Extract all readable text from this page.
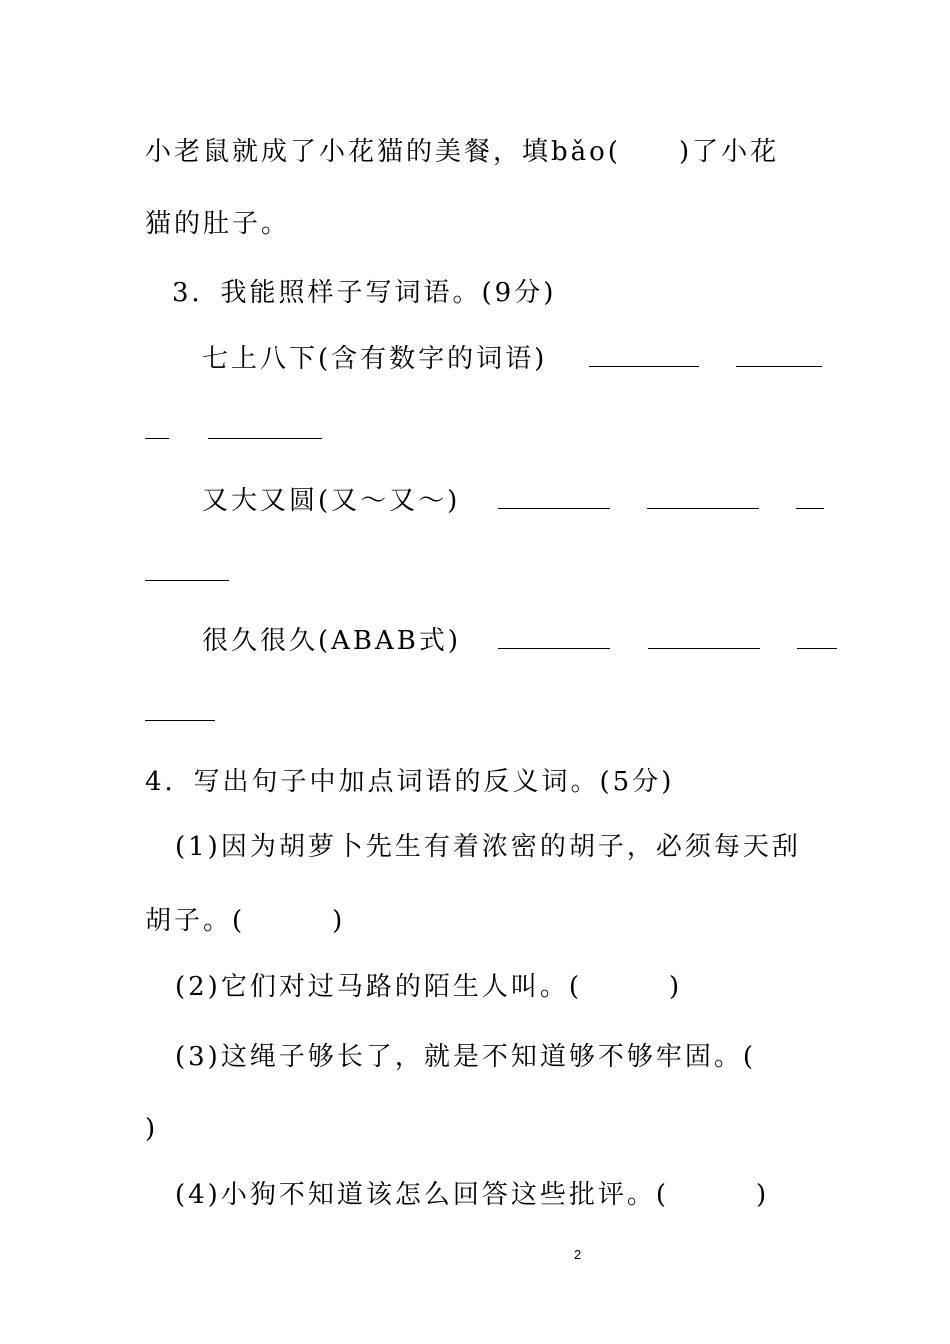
小老鼠就成了小花猫的美餐，填bǎo(　　)了小花
猫的肚子。
3．我能照样子写词语。(9分)
七上八下(含有数字的词语)

又大又圆(又～又～)
很久很久(ABAB式)
4．写出句子中加点词语的反义词。(5分)
(1)因为胡萝卜先生有着浓密的胡子，必须每天刮
胡子。(　　　)
(2)它们对过马路的陌生人叫。(　　　)
(3)这绳子够长了，就是不知道够不够牢固。(
)
(4)小狗不知道该怎么回答这些批评。(　　　)
2
